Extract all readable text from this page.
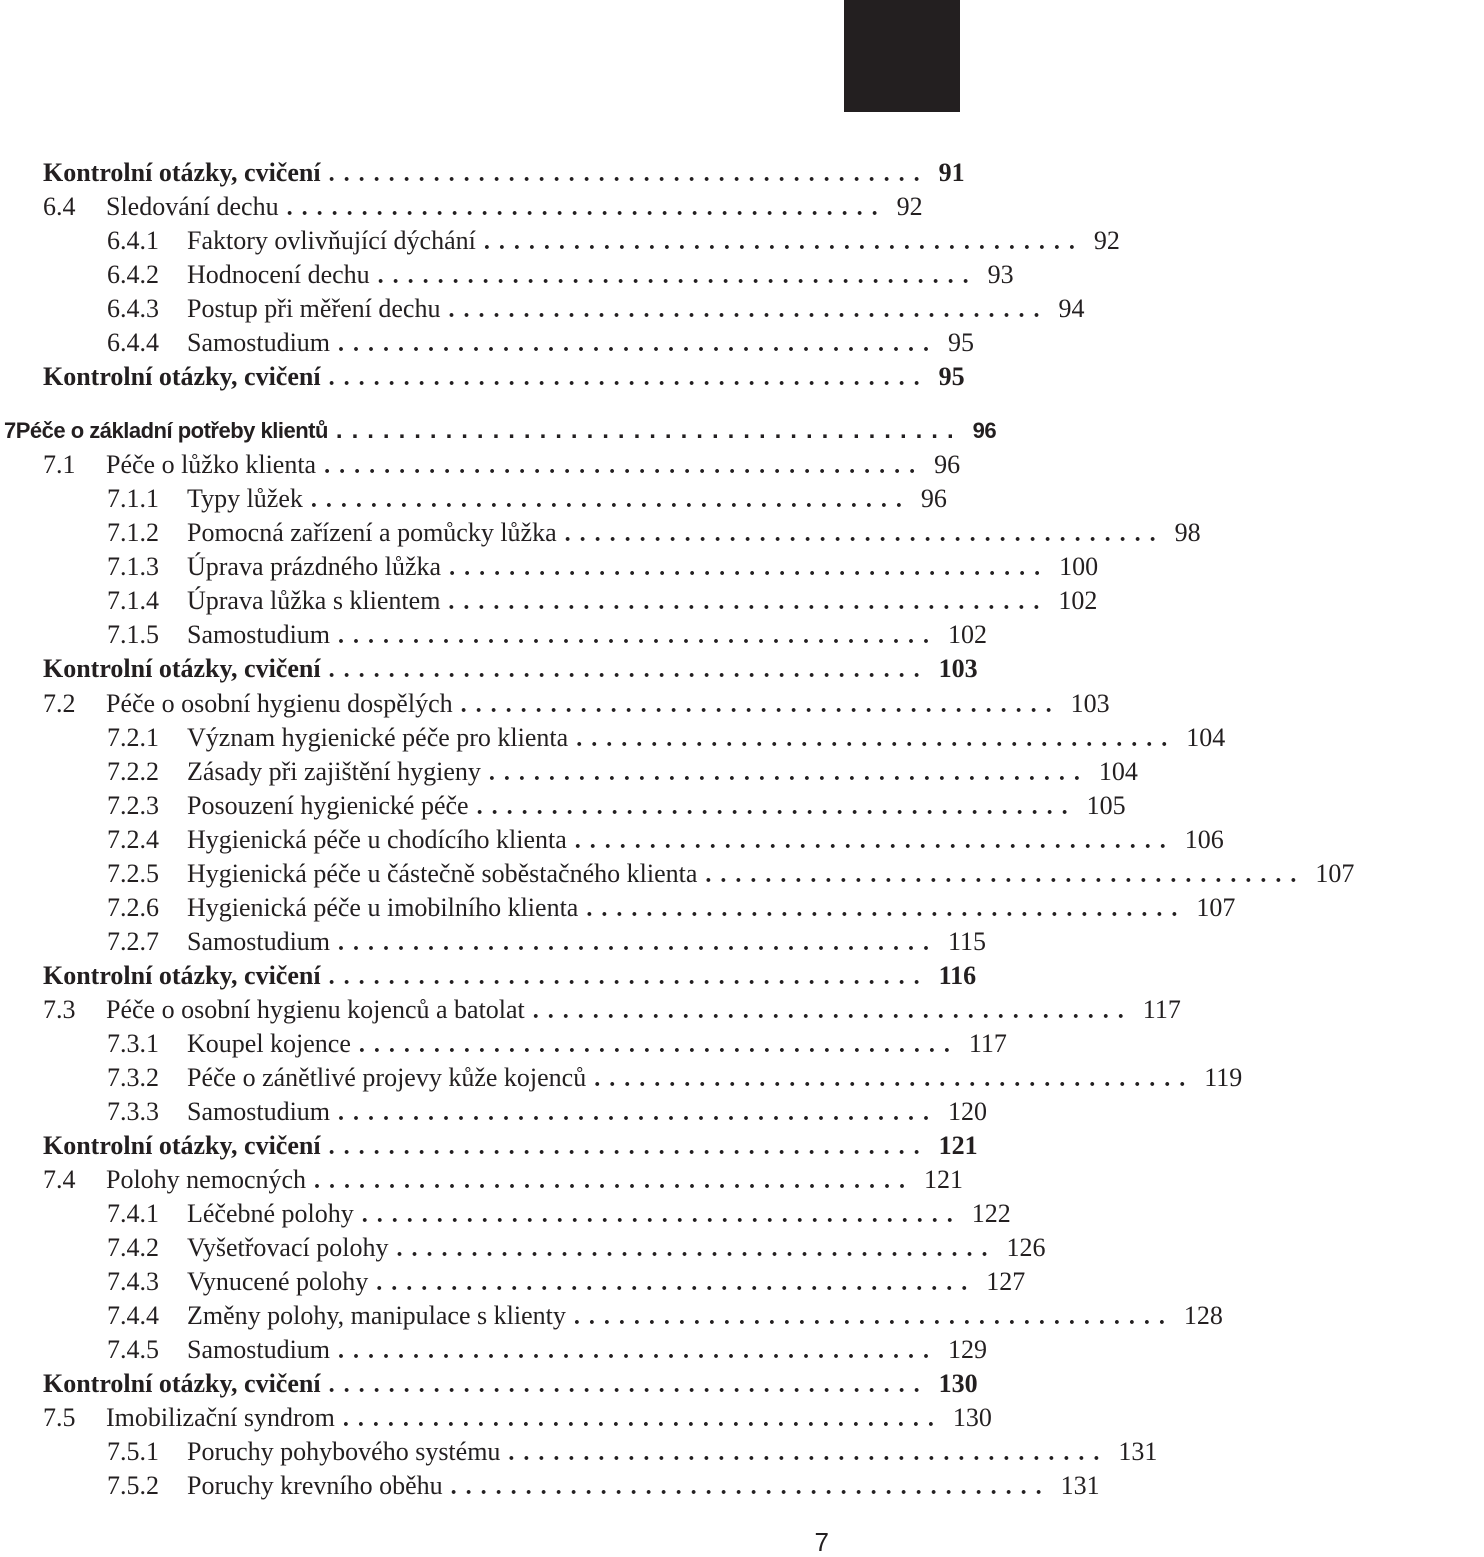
Kontrolní otázky, cvičení ........................................ 91
6.4	Sledování dechu ........................................ 92
6.4.1	Faktory ovlivňující dýchání ........................................ 92
6.4.2	Hodnocení dechu ........................................ 93
6.4.3	Postup při měření dechu ........................................ 94
6.4.4	Samostudium ........................................ 95
Kontrolní otázky, cvičení ........................................ 95
7 Péče o základní potřeby klientů ........................................ 96
7.1	Péče o lůžko klienta ........................................ 96
7.1.1	Typy lůžek ........................................ 96
7.1.2	Pomocná zařízení a pomůcky lůžka ........................................ 98
7.1.3	Úprava prázdného lůžka ........................................ 100
7.1.4	Úprava lůžka s klientem ........................................ 102
7.1.5	Samostudium ........................................ 102
Kontrolní otázky, cvičení ........................................ 103
7.2	Péče o osobní hygienu dospělých ........................................ 103
7.2.1	Význam hygienické péče pro klienta ........................................ 104
7.2.2	Zásady při zajištění hygieny ........................................ 104
7.2.3	Posouzení hygienické péče ........................................ 105
7.2.4	Hygienická péče u chodícího klienta ........................................ 106
7.2.5	Hygienická péče u částečně soběstačného klienta ........................................ 107
7.2.6	Hygienická péče u imobilního klienta ........................................ 107
7.2.7	Samostudium ........................................ 115
Kontrolní otázky, cvičení ........................................ 116
7.3	Péče o osobní hygienu kojenců a batolat ........................................ 117
7.3.1	Koupel kojence ........................................ 117
7.3.2	Péče o zánětlivé projevy kůže kojenců ........................................ 119
7.3.3	Samostudium ........................................ 120
Kontrolní otázky, cvičení ........................................ 121
7.4	Polohy nemocných ........................................ 121
7.4.1	Léčebné polohy ........................................ 122
7.4.2	Vyšetřovací polohy ........................................ 126
7.4.3	Vynucené polohy ........................................ 127
7.4.4	Změny polohy, manipulace s klienty ........................................ 128
7.4.5	Samostudium ........................................ 129
Kontrolní otázky, cvičení ........................................ 130
7.5	Imobilizační syndrom ........................................ 130
7.5.1	Poruchy pohybového systému ........................................ 131
7.5.2	Poruchy krevního oběhu ........................................ 131
7
